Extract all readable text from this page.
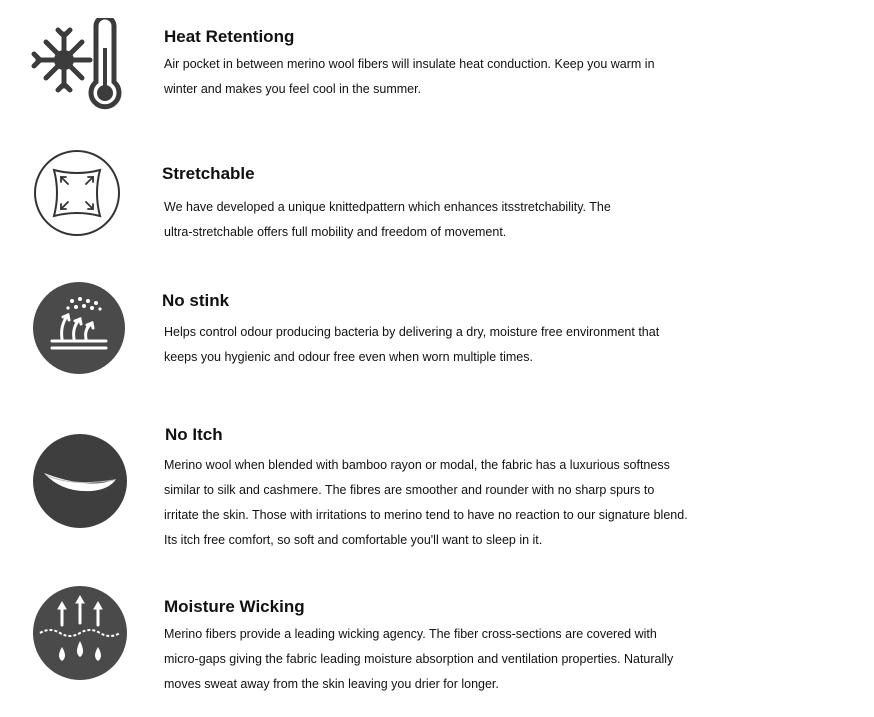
Heat Retentiong

Air pocket in between merino wool fibers will insulate heat conduction. Keep you warm in
winter and makes you feel cool in the summer.

Stretchable

We have developed a unique knittedpattern which enhances itsstretchability. The
ultra-stretchable offers full mobility and freedom of movement.

No stink

Helps control odour producing bacteria by delivering a dry, moisture free environment that
keeps you hygienic and odour free even when worn multiple times.

No Itch

Merino wool when blended with bamboo rayon or modal, the fabric has a luxurious softness
similar to silk and cashmere. The fibres are smoother and rounder with no sharp spurs to
irritate the skin. Those with irritations to merino tend to have no reaction to our signature blend.
Its itch free comfort, so soft and comfortable you'll want to sleep in it.

Moisture Wicking

Merino fibers provide a leading wicking agency. The fiber cross-sections are covered with
micro-gaps giving the fabric leading moisture absorption and ventilation properties. Naturally
moves sweat away from the skin leaving you drier for longer.
